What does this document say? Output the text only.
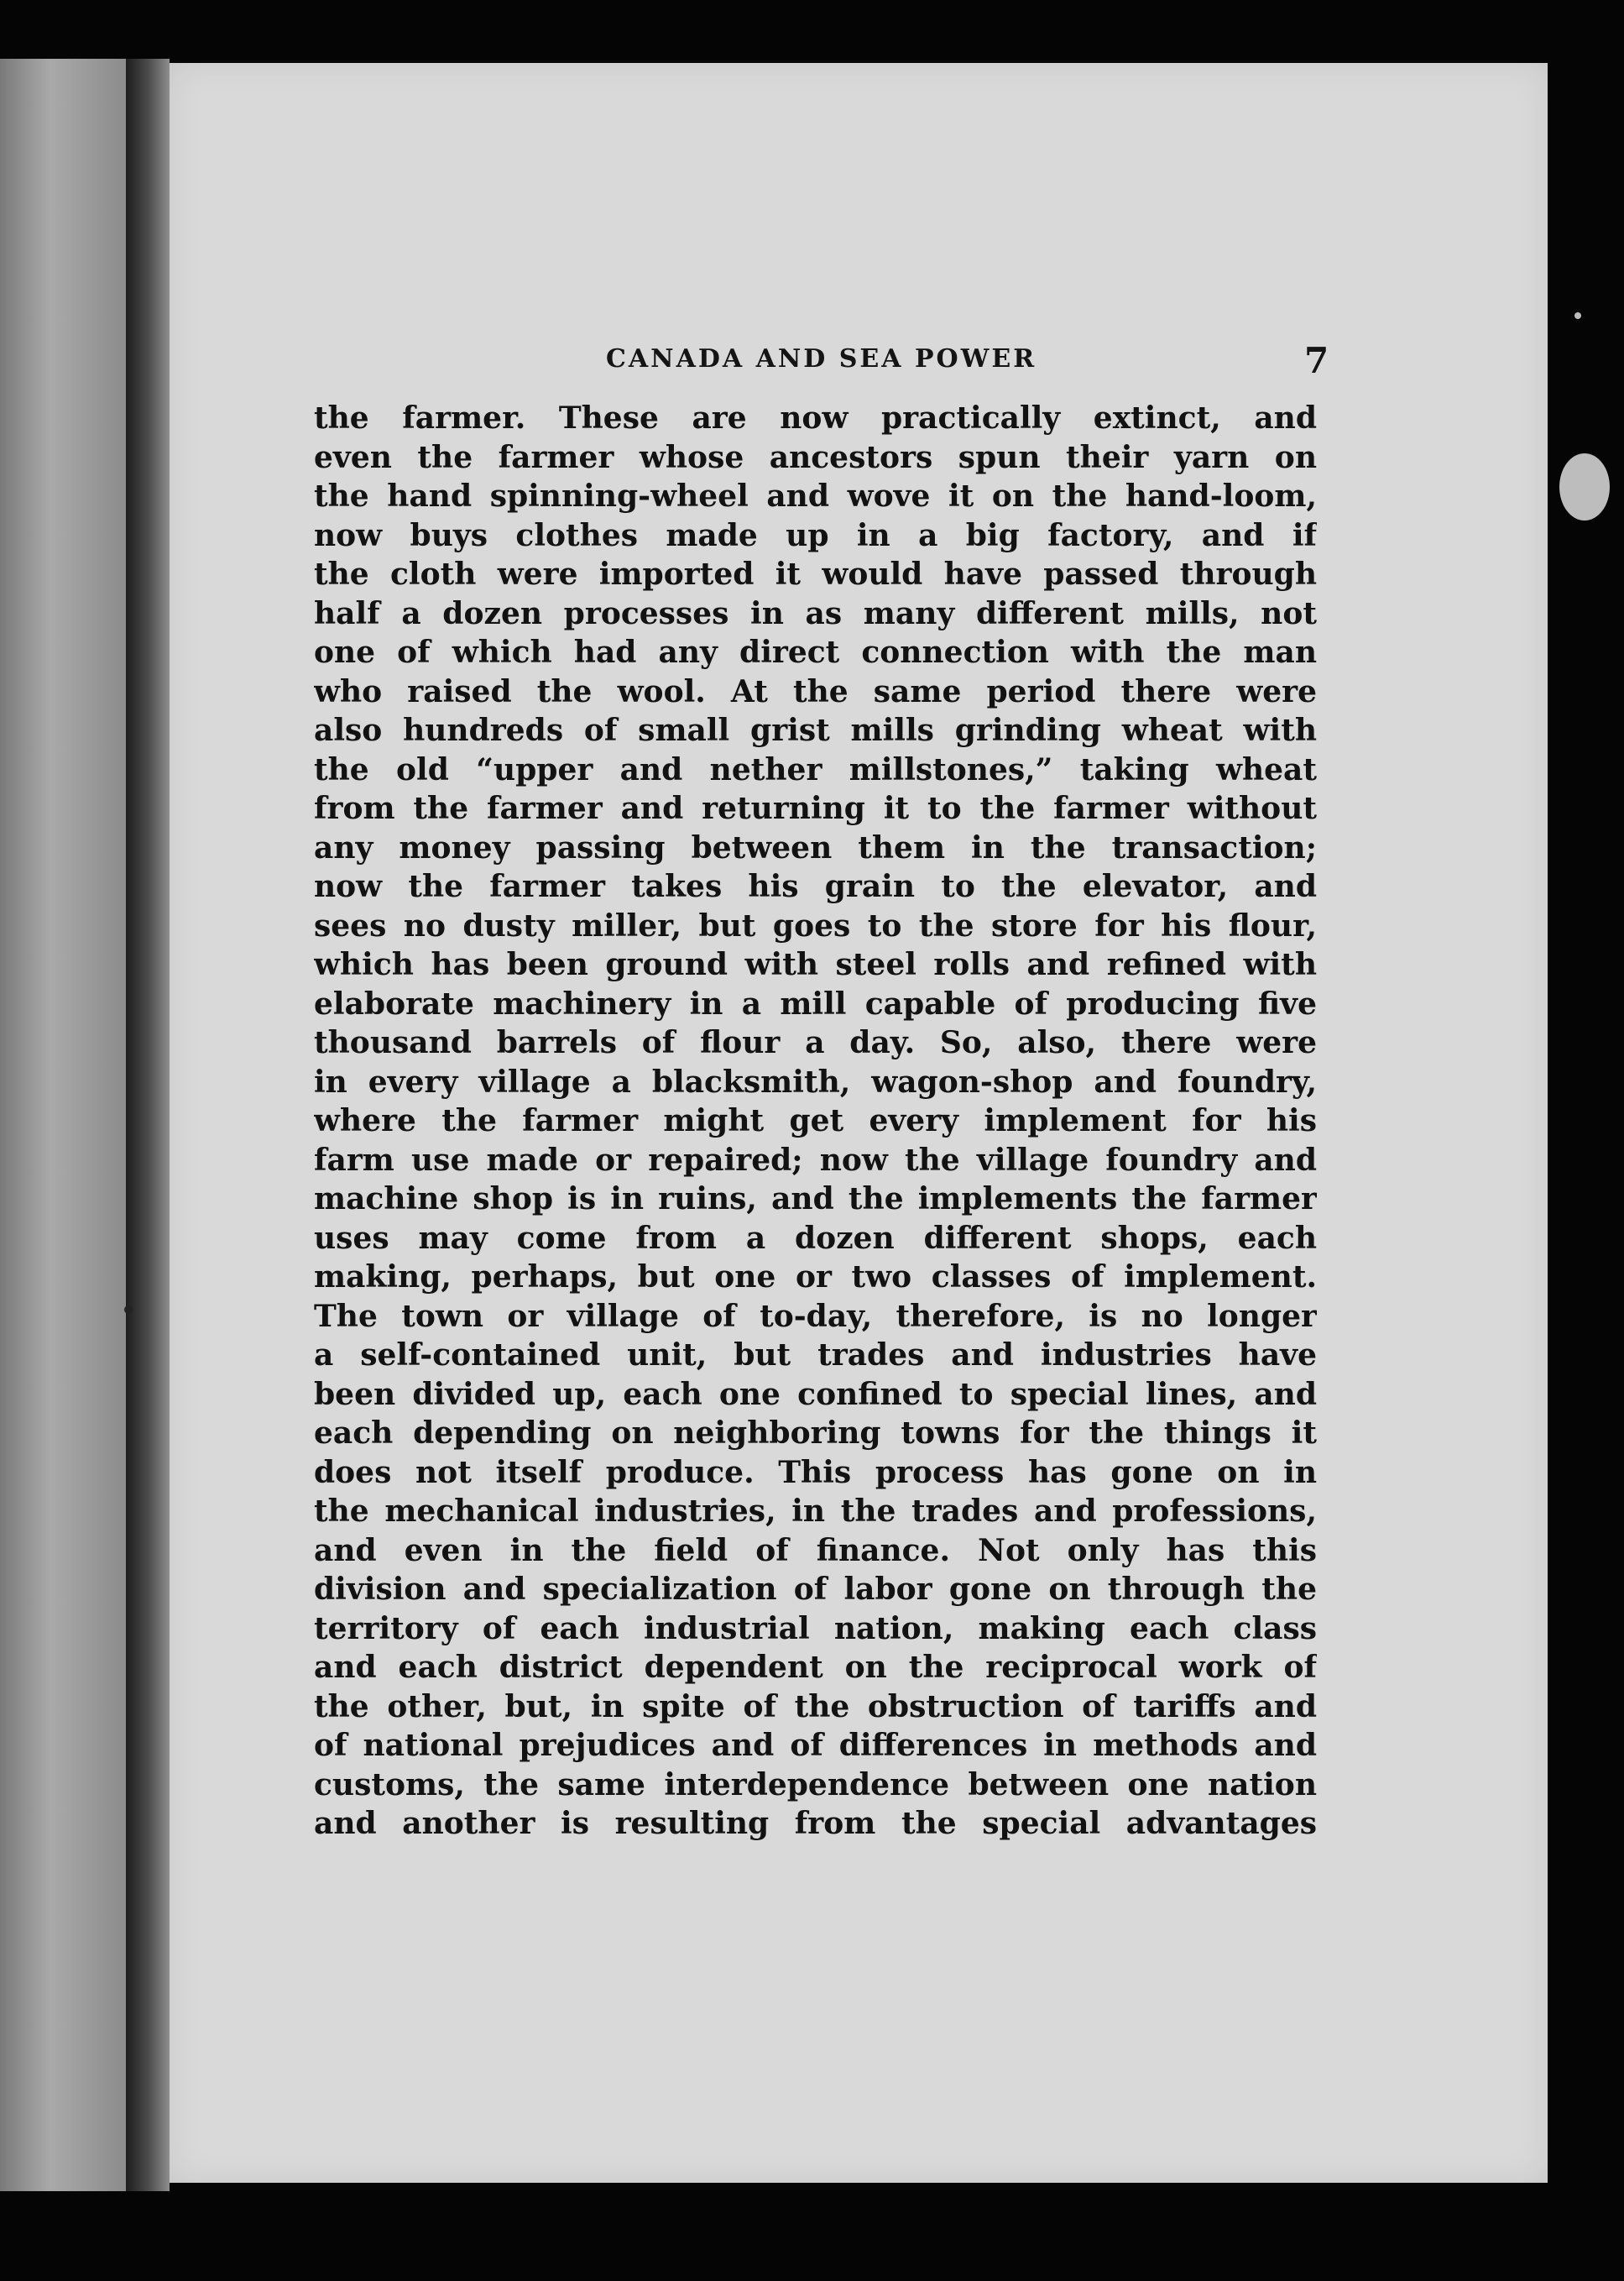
CANADA AND SEA POWER	7
the farmer. These are now practically extinct, and
even the farmer whose ancestors spun their yarn on
the hand spinning-wheel and wove it on the hand-loom,
now buys clothes made up in a big factory, and if
the cloth were imported it would have passed through
half a dozen processes in as many different mills, not
one of which had any direct connection with the man
who raised the wool. At the same period there were
also hundreds of small grist mills grinding wheat with
the old “upper and nether millstones,” taking wheat
from the farmer and returning it to the farmer without
any money passing between them in the transaction;
now the farmer takes his grain to the elevator, and
sees no dusty miller, but goes to the store for his flour,
which has been ground with steel rolls and refined with
elaborate machinery in a mill capable of producing five
thousand barrels of flour a day. So, also, there were
in every village a blacksmith, wagon-shop and foundry,
where the farmer might get every implement for his
farm use made or repaired; now the village foundry and
machine shop is in ruins, and the implements the farmer
uses may come from a dozen different shops, each
making, perhaps, but one or two classes of implement.
The town or village of to-day, therefore, is no longer
a self-contained unit, but trades and industries have
been divided up, each one confined to special lines, and
each depending on neighboring towns for the things it
does not itself produce. This process has gone on in
the mechanical industries, in the trades and professions,
and even in the field of finance. Not only has this
division and specialization of labor gone on through the
territory of each industrial nation, making each class
and each district dependent on the reciprocal work of
the other, but, in spite of the obstruction of tariffs and
of national prejudices and of differences in methods and
customs, the same interdependence between one nation
and another is resulting from the special advantages
